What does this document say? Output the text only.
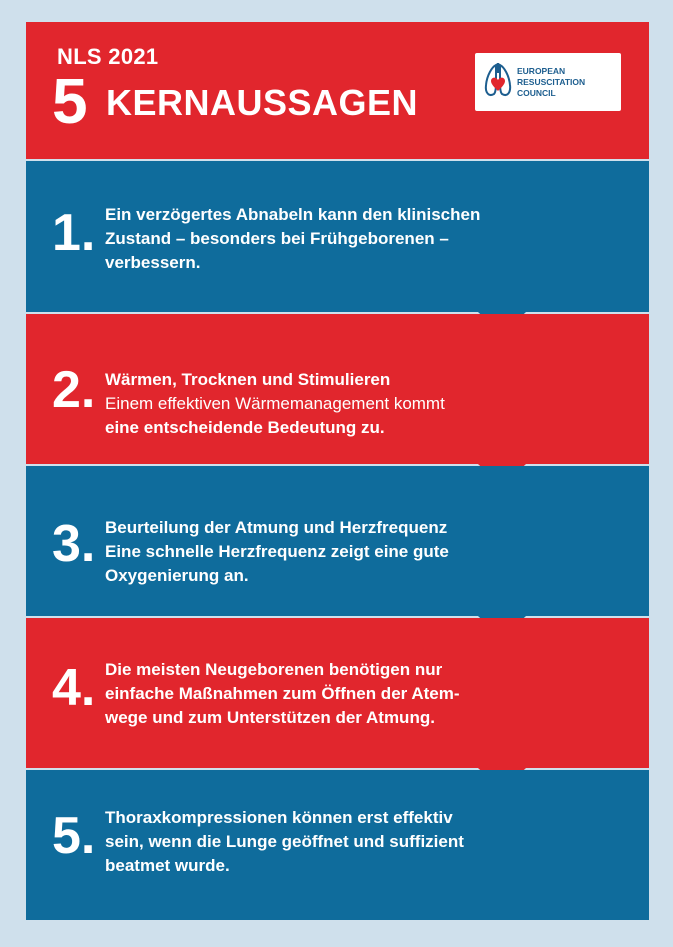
NLS 2021
5 KERNAUSSAGEN
EUROPEAN
RESUSCITATION
COUNCIL
1. Ein verzögertes Abnabeln kann den klinischen
Zustand – besonders bei Frühgeborenen –
verbessern.
2. Wärmen, Trocknen und Stimulieren
Einem effektiven Wärmemanagement kommt
eine entscheidende Bedeutung zu.
3. Beurteilung der Atmung und Herzfrequenz
Eine schnelle Herzfrequenz zeigt eine gute
Oxygenierung an.
4. Die meisten Neugeborenen benötigen nur
einfache Maßnahmen zum Öffnen der Atem-
wege und zum Unterstützen der Atmung.
5. Thoraxkompressionen können erst effektiv
sein, wenn die Lunge geöffnet und suffizient
beatmet wurde.
